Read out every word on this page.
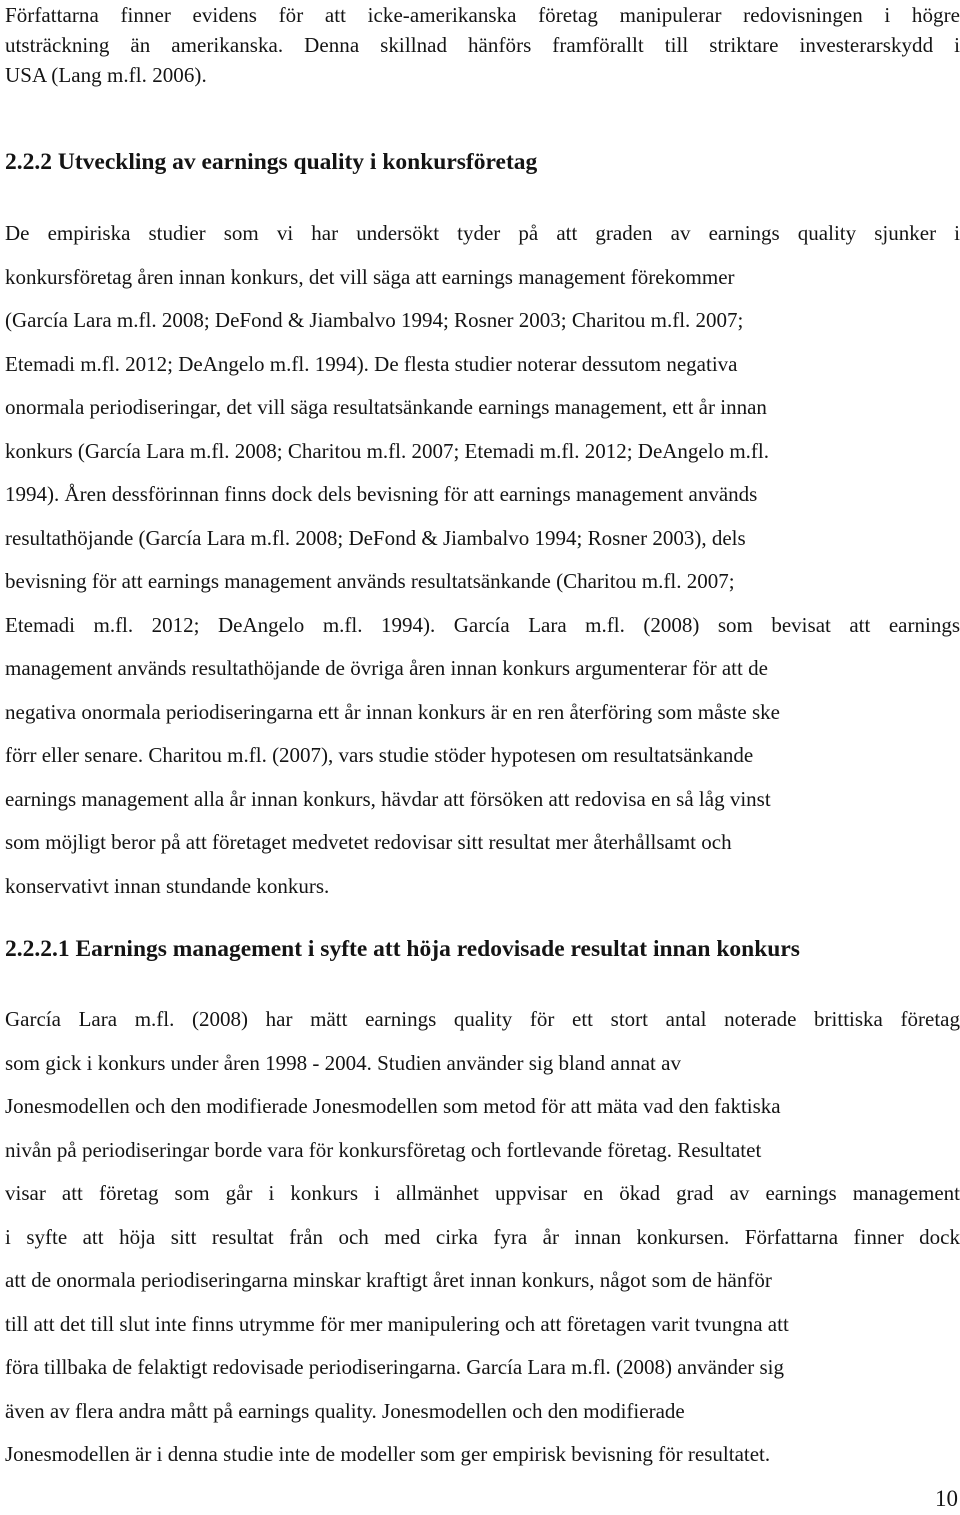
Författarna finner evidens för att icke-amerikanska företag manipulerar redovisningen i högre
utsträckning än amerikanska. Denna skillnad hänförs framförallt till striktare investerarskydd i
USA (Lang m.fl. 2006).

2.2.2 Utveckling av earnings quality i konkursföretag

De empiriska studier som vi har undersökt tyder på att graden av earnings quality sjunker i
konkursföretag åren innan konkurs, det vill säga att earnings management förekommer
(García Lara m.fl. 2008; DeFond & Jiambalvo 1994; Rosner 2003; Charitou m.fl. 2007;
Etemadi m.fl. 2012; DeAngelo m.fl. 1994). De flesta studier noterar dessutom negativa
onormala periodiseringar, det vill säga resultatsänkande earnings management, ett år innan
konkurs (García Lara m.fl. 2008; Charitou m.fl. 2007; Etemadi m.fl. 2012; DeAngelo m.fl.
1994). Åren dessförinnan finns dock dels bevisning för att earnings management används
resultathöjande (García Lara m.fl. 2008; DeFond & Jiambalvo 1994; Rosner 2003), dels
bevisning för att earnings management används resultatsänkande (Charitou m.fl. 2007;
Etemadi m.fl. 2012; DeAngelo m.fl. 1994). García Lara m.fl. (2008) som bevisat att earnings
management används resultathöjande de övriga åren innan konkurs argumenterar för att de
negativa onormala periodiseringarna ett år innan konkurs är en ren återföring som måste ske
förr eller senare. Charitou m.fl. (2007), vars studie stöder hypotesen om resultatsänkande
earnings management alla år innan konkurs, hävdar att försöken att redovisa en så låg vinst
som möjligt beror på att företaget medvetet redovisar sitt resultat mer återhållsamt och
konservativt innan stundande konkurs.

2.2.2.1 Earnings management i syfte att höja redovisade resultat innan konkurs

García Lara m.fl. (2008) har mätt earnings quality för ett stort antal noterade brittiska företag
som gick i konkurs under åren 1998 - 2004. Studien använder sig bland annat av
Jonesmodellen och den modifierade Jonesmodellen som metod för att mäta vad den faktiska
nivån på periodiseringar borde vara för konkursföretag och fortlevande företag. Resultatet
visar att företag som går i konkurs i allmänhet uppvisar en ökad grad av earnings management
i syfte att höja sitt resultat från och med cirka fyra år innan konkursen. Författarna finner dock
att de onormala periodiseringarna minskar kraftigt året innan konkurs, något som de hänför
till att det till slut inte finns utrymme för mer manipulering och att företagen varit tvungna att
föra tillbaka de felaktigt redovisade periodiseringarna. García Lara m.fl. (2008) använder sig
även av flera andra mått på earnings quality. Jonesmodellen och den modifierade
Jonesmodellen är i denna studie inte de modeller som ger empirisk bevisning för resultatet.

10
